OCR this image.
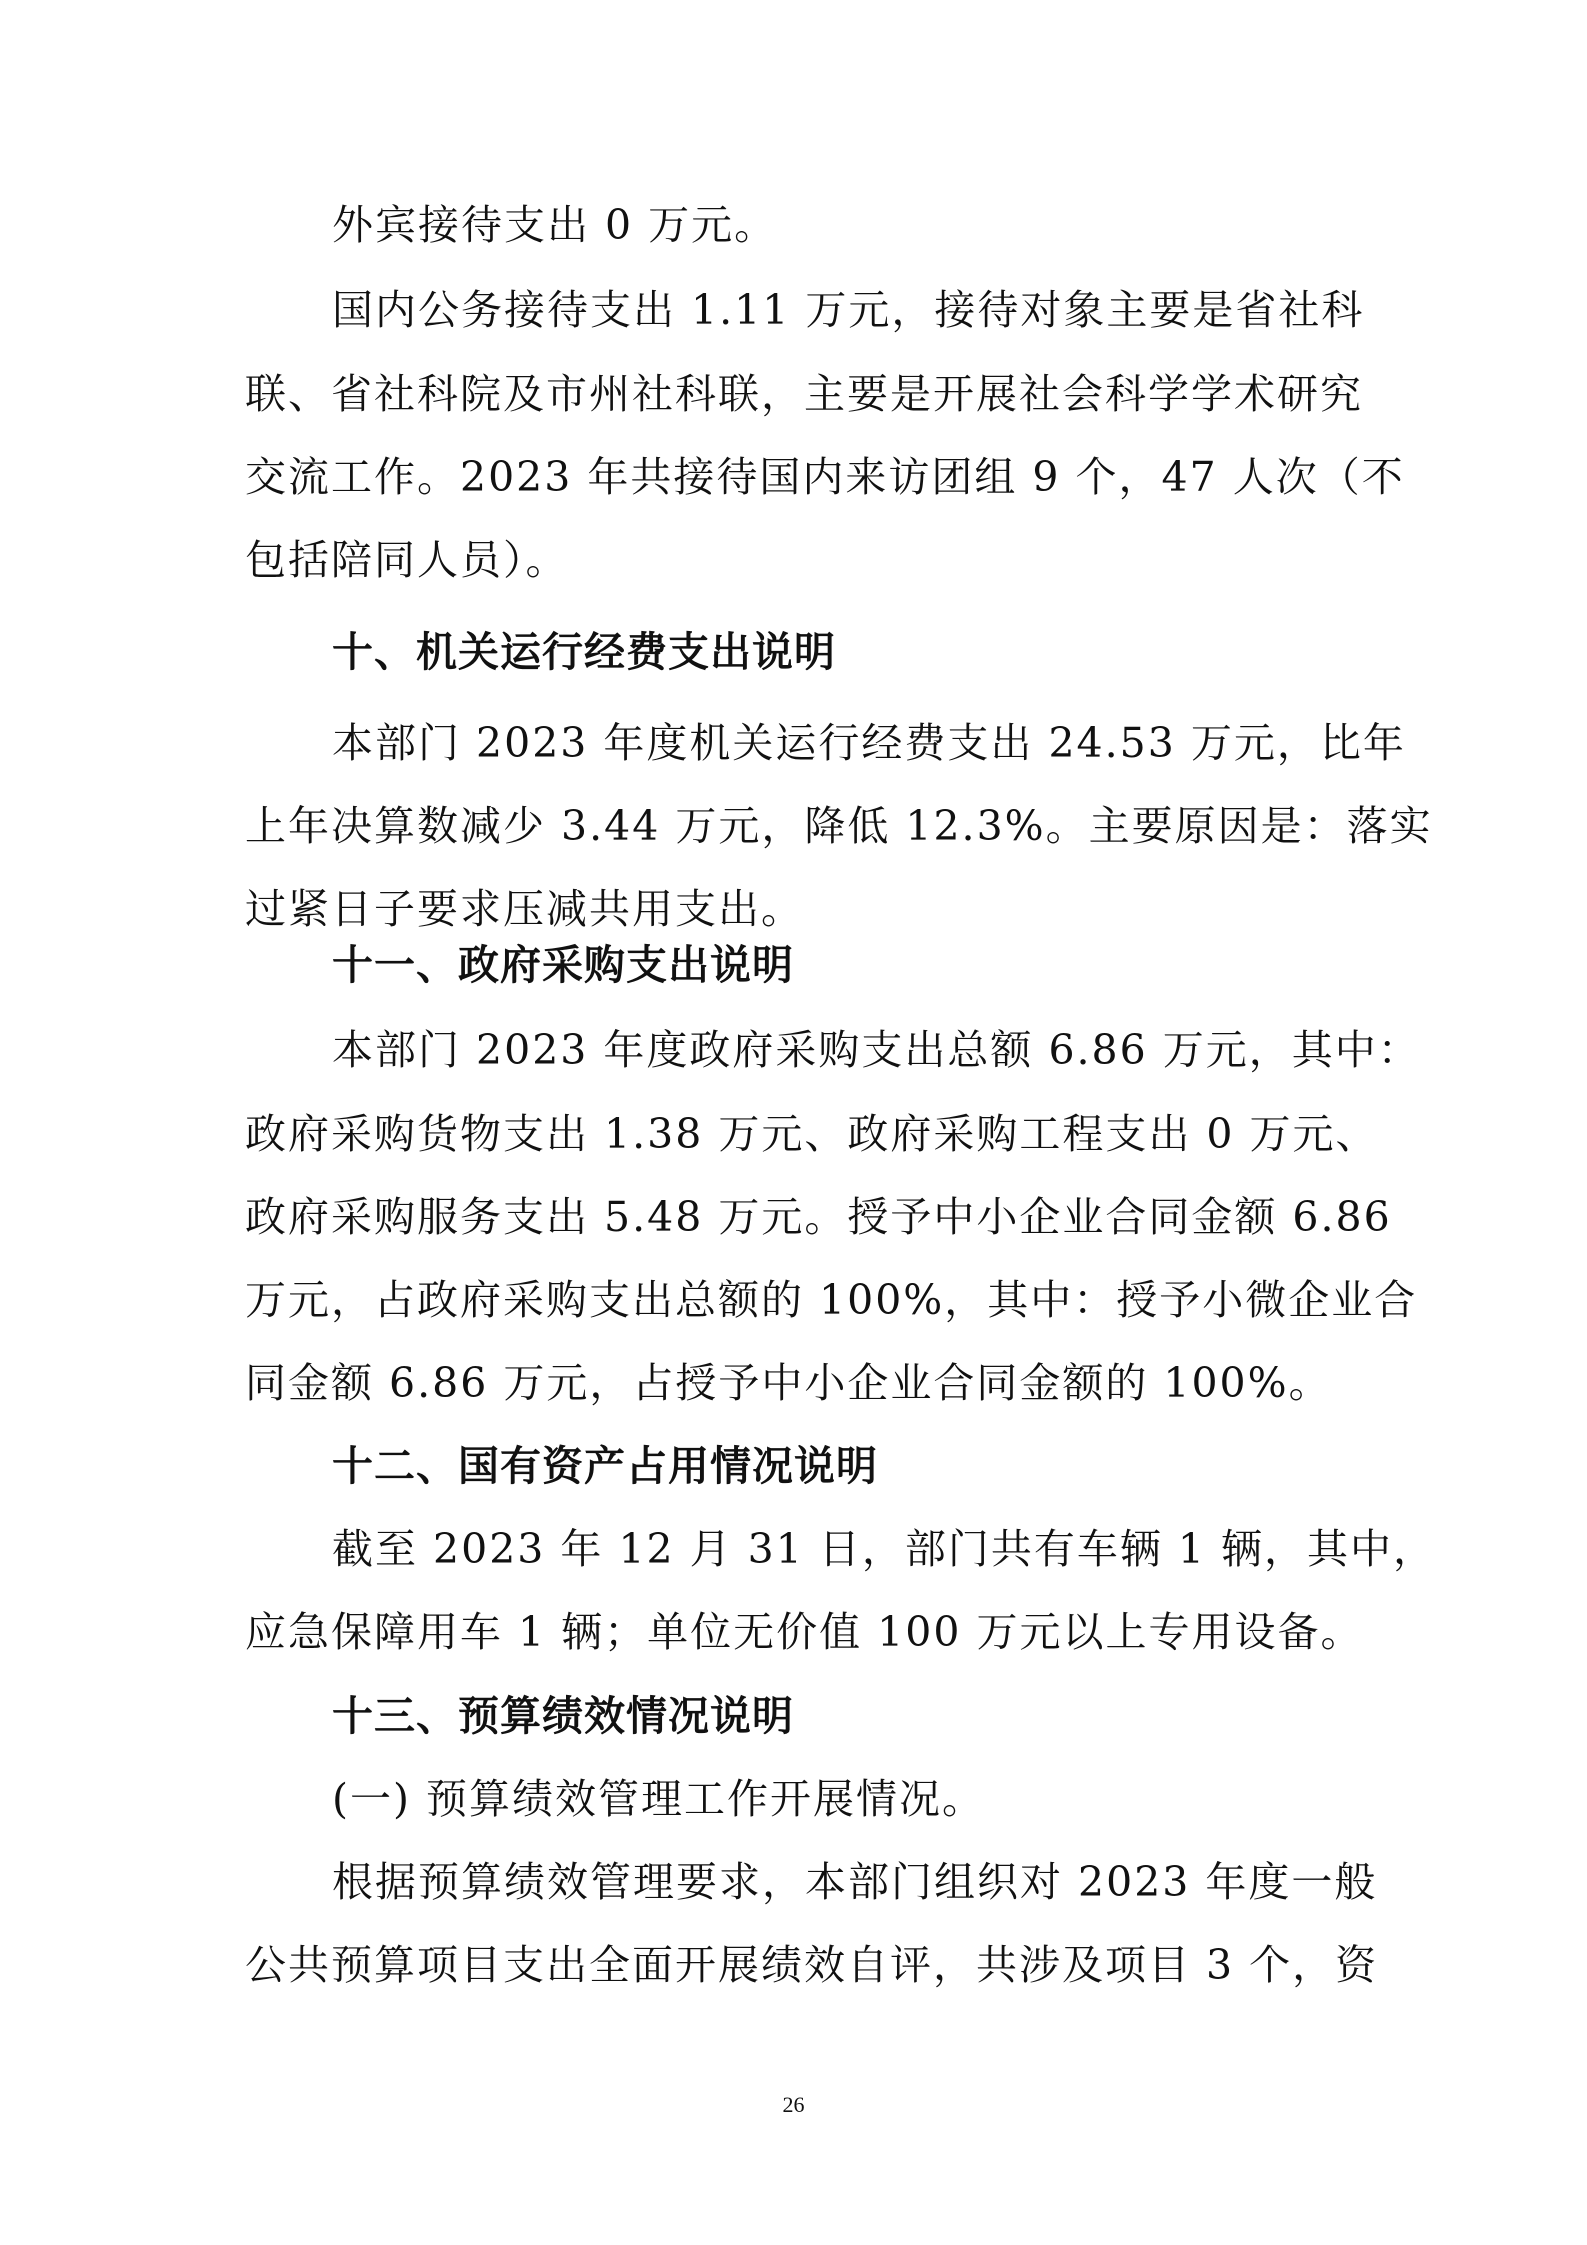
外宾接待支出 0 万元。
国内公务接待支出 1.11 万元，接待对象主要是省社科
联、省社科院及市州社科联，主要是开展社会科学学术研究
交流工作。2023 年共接待国内来访团组 9 个，47 人次（不
包括陪同人员）。
十、机关运行经费支出说明
本部门 2023 年度机关运行经费支出 24.53 万元，比年
上年决算数减少 3.44 万元，降低 12.3%。主要原因是：落实
过紧日子要求压减共用支出。
十一、政府采购支出说明
本部门 2023 年度政府采购支出总额 6.86 万元，其中：
政府采购货物支出 1.38 万元、政府采购工程支出 0 万元、
政府采购服务支出 5.48 万元。授予中小企业合同金额 6.86
万元，占政府采购支出总额的 100%，其中：授予小微企业合
同金额 6.86 万元，占授予中小企业合同金额的 100%。
十二、国有资产占用情况说明
截至 2023 年 12 月 31 日，部门共有车辆 1 辆，其中，
应急保障用车 1 辆；单位无价值 100 万元以上专用设备。
十三、预算绩效情况说明
(一) 预算绩效管理工作开展情况。
根据预算绩效管理要求，本部门组织对 2023 年度一般
公共预算项目支出全面开展绩效自评，共涉及项目 3 个，资
26
